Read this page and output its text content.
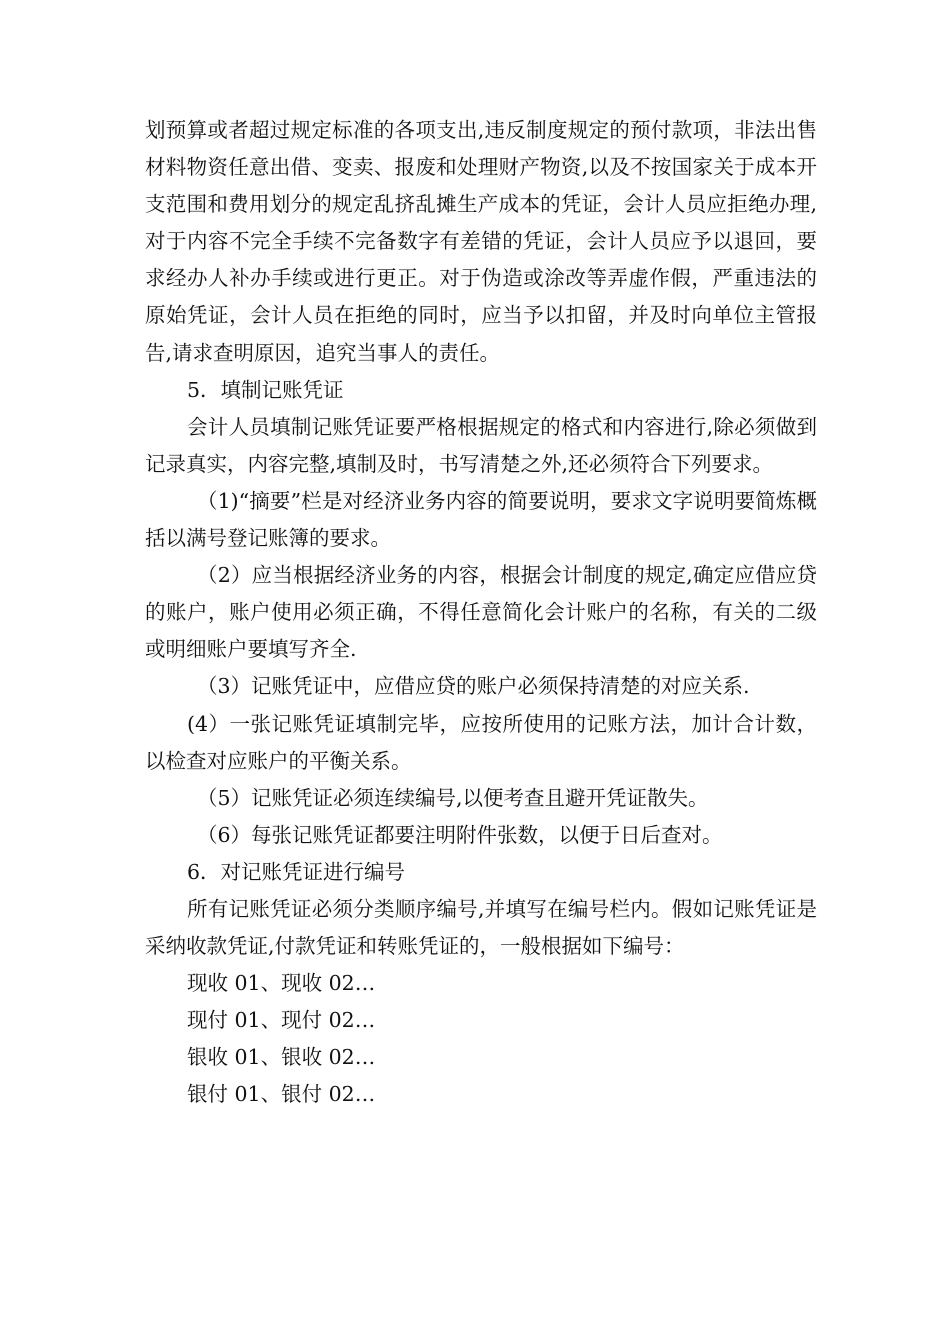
划预算或者超过规定标准的各项支出,违反制度规定的预付款项，非法出售材料物资任意出借、变卖、报废和处理财产物资,以及不按国家关于成本开支范围和费用划分的规定乱挤乱摊生产成本的凭证，会计人员应拒绝办理,对于内容不完全手续不完备数字有差错的凭证，会计人员应予以退回，要求经办人补办手续或进行更正。对于伪造或涂改等弄虚作假，严重违法的原始凭证，会计人员在拒绝的同时，应当予以扣留，并及时向单位主管报告,请求查明原因，追究当事人的责任。

5．填制记账凭证

会计人员填制记账凭证要严格根据规定的格式和内容进行,除必须做到记录真实，内容完整,填制及时，书写清楚之外,还必须符合下列要求。

（1)“摘要”栏是对经济业务内容的简要说明，要求文字说明要简炼概括以满号登记账簿的要求。

（2）应当根据经济业务的内容，根据会计制度的规定,确定应借应贷的账户，账户使用必须正确，不得任意简化会计账户的名称，有关的二级或明细账户要填写齐全.

（3）记账凭证中，应借应贷的账户必须保持清楚的对应关系.

(4）一张记账凭证填制完毕，应按所使用的记账方法，加计合计数，以检查对应账户的平衡关系。

（5）记账凭证必须连续编号,以便考查且避开凭证散失。

（6）每张记账凭证都要注明附件张数，以便于日后查对。

6．对记账凭证进行编号

所有记账凭证必须分类顺序编号,并填写在编号栏内。假如记账凭证是采纳收款凭证,付款凭证和转账凭证的，一般根据如下编号：

现收 01、现收 02…

现付 01、现付 02…

银收 01、银收 02…

银付 01、银付 02…
